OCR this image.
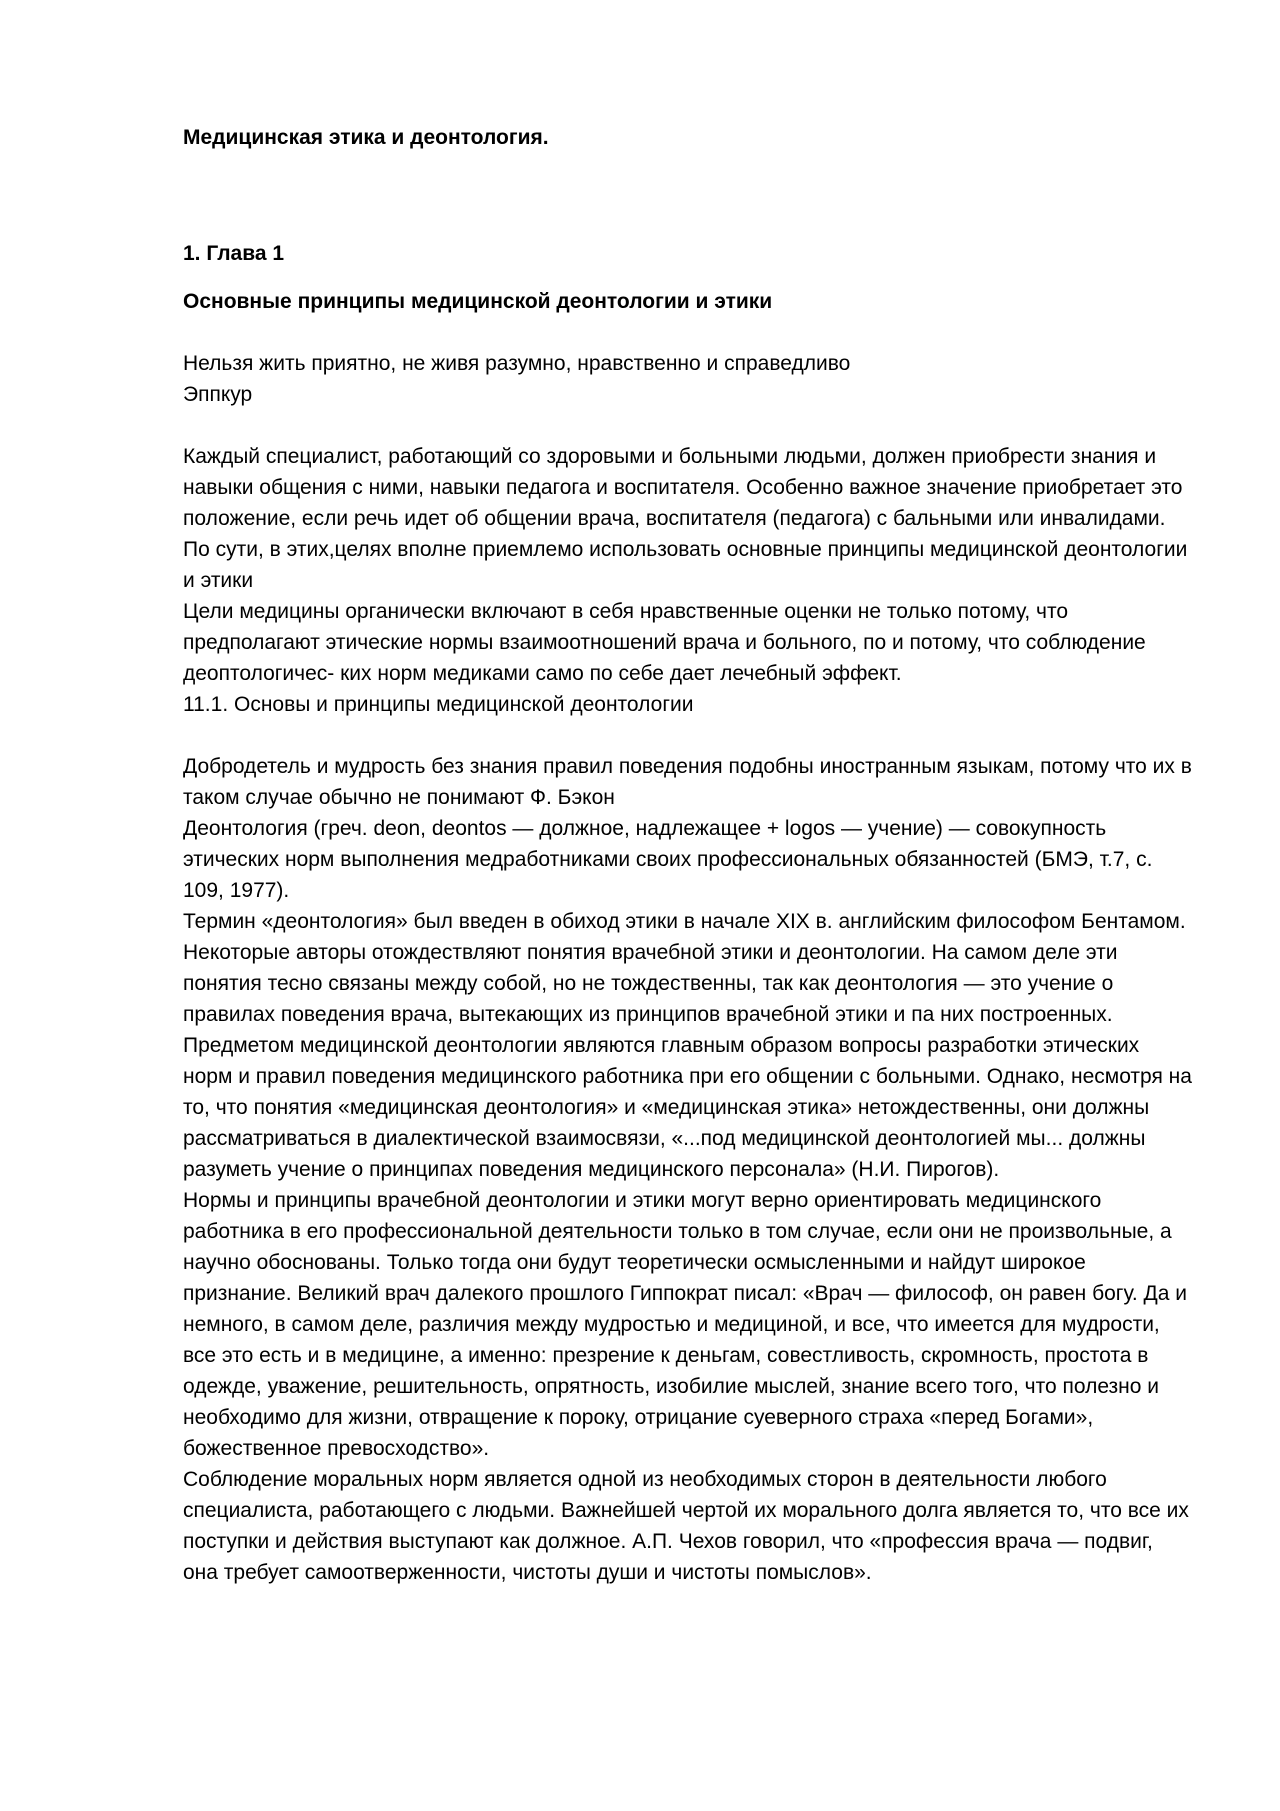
Медицинская этика и деонтология.

1. Глава 1

Основные принципы медицинской деонтологии и этики

Нельзя жить приятно, не живя разумно, нравственно и справедливо
Эппкур
Каждый специалист, работающий со здоровыми и больными людьми, должен приобрести знания и навыки общения с ними, навыки педагога и воспитателя. Особенно важное значение приобретает это положение, если речь идет об общении врача, воспитателя (педагога) с бальными или инвалидами. По сути, в этих,целях вполне приемлемо использовать основные принципы медицинской деонтологии и этики
Цели медицины органически включают в себя нравственные оценки не только потому, что предполагают этические нормы взаимоотношений врача и больного, по и потому, что соблюдение деоптологичес- ких норм медиками само по себе дает лечебный эффект.
11.1. Основы и принципы медицинской деонтологии
Добродетель и мудрость без знания правил поведения подобны иностранным языкам, потому что их в таком случае обычно не понимают Ф. Бэкон
Деонтология (греч. deon, deontos — должное, надлежащее + logos — учение) — совокупность этических норм выполнения медработниками своих профессиональных обязанностей (БМЭ, т.7, с. 109, 1977).
Термин «деонтология» был введен в обиход этики в начале XIX в. английским философом Бентамом. Некоторые авторы отождествляют понятия врачебной этики и деонтологии. На самом деле эти понятия тесно связаны между собой, но не тождественны, так как деонтология — это учение о правилах поведения врача, вытекающих из принципов врачебной этики и па них построенных.
Предметом медицинской деонтологии являются главным образом вопросы разработки этических норм и правил поведения медицинского работника при его общении с больными. Однако, несмотря на то, что понятия «медицинская деонтология» и «медицинская этика» нетождественны, они должны рассматриваться в диалектической взаимосвязи, «...под медицинской деонтологией мы... должны разуметь учение о принципах поведения медицинского персонала» (Н.И. Пирогов).
Нормы и принципы врачебной деонтологии и этики могут верно ориентировать медицинского работника в его профессиональной деятельности только в том случае, если они не произвольные, а научно обоснованы. Только тогда они будут теоретически осмысленными и найдут широкое признание. Великий врач далекого прошлого Гиппократ писал: «Врач — философ, он равен богу. Да и немного, в самом деле, различия между мудростью и медициной, и все, что имеется для мудрости, все это есть и в медицине, а именно: презрение к деньгам, совестливость, скромность, простота в одежде, уважение, решительность, опрятность, изобилие мыслей, знание всего того, что полезно и необходимо для жизни, отвращение к пороку, отрицание суеверного страха «перед Богами», божественное превосходство».
Соблюдение моральных норм является одной из необходимых сторон в деятельности любого специалиста, работающего с людьми. Важнейшей чертой их морального долга является то, что все их поступки и действия выступают как должное. А.П. Чехов говорил, что «профессия врача — подвиг, она требует самоотверженности, чистоты души и чистоты помыслов».
